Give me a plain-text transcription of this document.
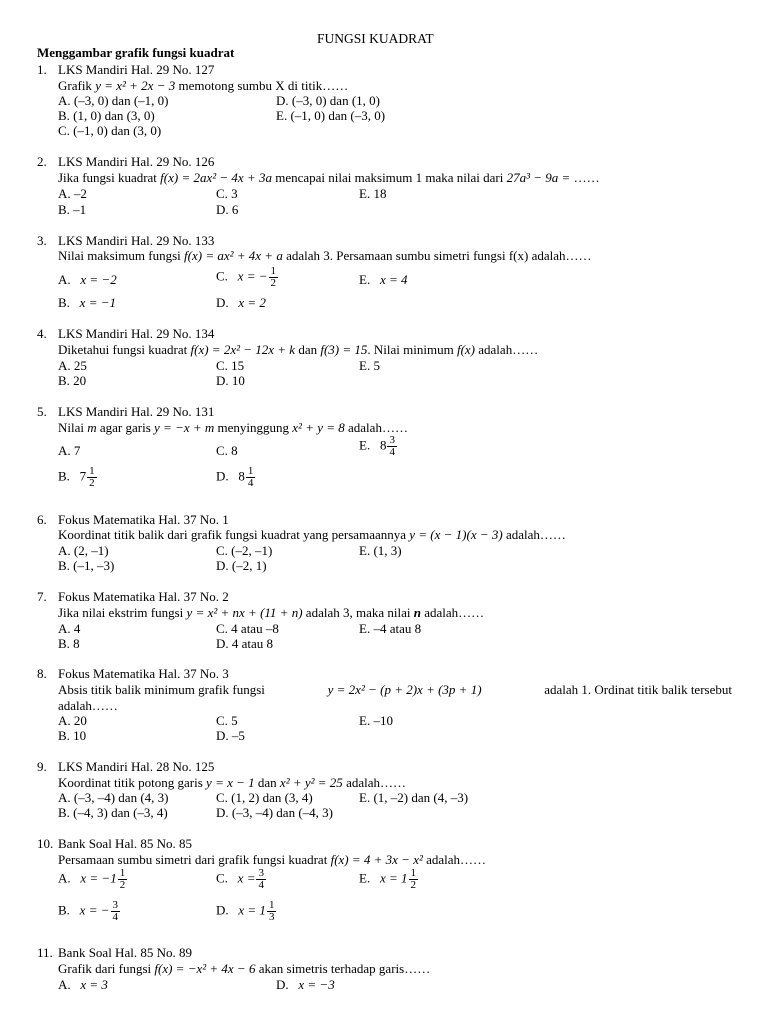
FUNGSI KUADRAT
Menggambar grafik fungsi kuadrat
1. LKS Mandiri Hal. 29 No. 127
Grafik y = x² + 2x − 3 memotong sumbu X di titik……
A. (–3, 0) dan (–1, 0)
B. (1, 0) dan (3, 0)
C. (–1, 0) dan (3, 0)
D. (–3, 0) dan (1, 0)
E. (–1, 0) dan (–3, 0)
2. LKS Mandiri Hal. 29 No. 126
Jika fungsi kuadrat f(x) = 2ax² − 4x + 3a mencapai nilai maksimum 1 maka nilai dari 27a³ − 9a = ……
A. –2
B. –1
C. 3
D. 6
E. 18
3. LKS Mandiri Hal. 29 No. 133
Nilai maksimum fungsi f(x) = ax² + 4x + a adalah 3. Persamaan sumbu simetri fungsi f(x) adalah……
A. x = −2
B. x = −1
C. x = − $\frac{1}{2}$
D. x = 2
E. x = 4
4. LKS Mandiri Hal. 29 No. 134
Diketahui fungsi kuadrat f(x) = 2x² − 12x + k dan f(3) = 15. Nilai minimum f(x) adalah……
A. 25
B. 20
C. 15
D. 10
E. 5
5. LKS Mandiri Hal. 29 No. 131
Nilai m agar garis y = −x + m menyinggung x² + y = 8 adalah……
A. 7
B. $7 \frac{1}{2}$
C. 8
D. $8 \frac{1}{4}$
E. $8 \frac{3}{4}$
6. Fokus Matematika Hal. 37 No. 1
Koordinat titik balik dari grafik fungsi kuadrat yang persamaannya y = (x − 1)(x − 3) adalah……
A. (2, –1)
B. (–1, –3)
C. (–2, –1)
D. (–2, 1)
E. (1, 3)
7. Fokus Matematika Hal. 37 No. 2
Jika nilai ekstrim fungsi y = x² + nx + (11 + n) adalah 3, maka nilai n adalah……
A. 4
B. 8
C. 4 atau –8
D. 4 atau 8
E. –4 atau 8
8. Fokus Matematika Hal. 37 No. 3
Absis titik balik minimum grafik fungsi	y = 2x² − (p + 2)x + (3p + 1)	adalah 1. Ordinat titik balik tersebut
adalah……
A. 20
B. 10
C. 5
D. –5
E. –10
9. LKS Mandiri Hal. 28 No. 125
Koordinat titik potong garis y = x − 1 dan x² + y² = 25 adalah……
A. (–3, –4) dan (4, 3)
B. (–4, 3) dan (–3, 4)
C. (1, 2) dan (3, 4)
D. (–3, –4) dan (–4, 3)
E. (1, –2) dan (4, –3)
10. Bank Soal Hal. 85 No. 85
Persamaan sumbu simetri dari grafik fungsi kuadrat f(x) = 4 + 3x − x² adalah……
A. $x = -1 \frac{1}{2}$
B. x = − $\frac{3}{4}$
C. $x = \frac{3}{4}$
D. $x = 1 \frac{1}{3}$
E. $x = 1 \frac{1}{2}$
11. Bank Soal Hal. 85 No. 89
Grafik dari fungsi f(x) = −x² + 4x − 6 akan simetris terhadap garis……
A. x = 3	D. x = −3
